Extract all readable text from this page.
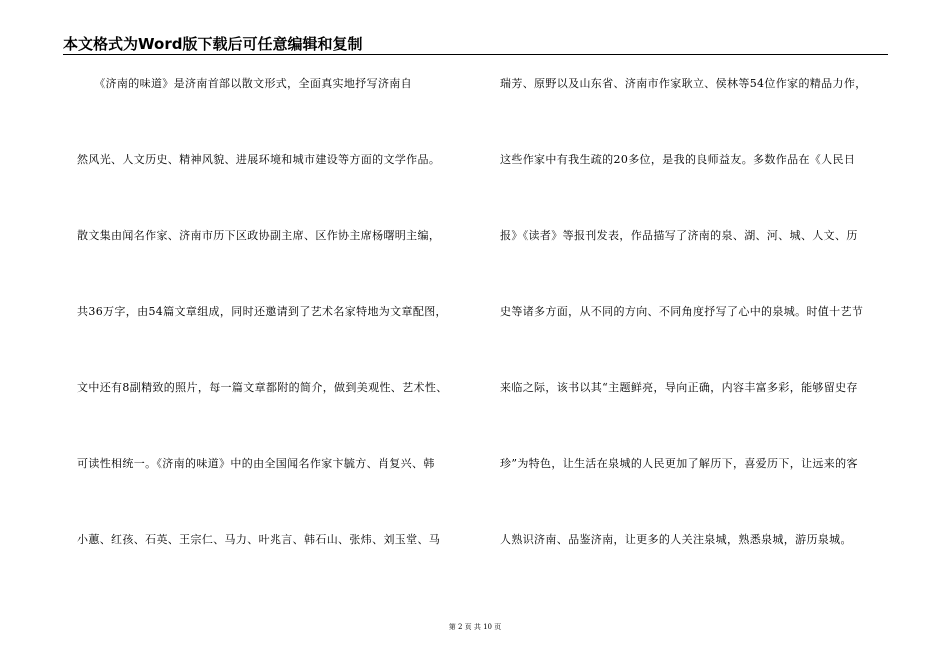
本文格式为Word版下载后可任意编辑和复制
　　《济南的味道》是济南首部以散文形式，全面真实地抒写济南自
然风光、人文历史、精神风貌、进展环境和城市建设等方面的文学作品。
散文集由闻名作家、济南市历下区政协副主席、区作协主席杨曙明主编，
共36万字，由54篇文章组成，同时还邀请到了艺术名家特地为文章配图，
文中还有8副精致的照片，每一篇文章都附的简介，做到美观性、艺术性、
可读性相统一。《济南的味道》中的由全国闻名作家卞毓方、肖复兴、韩
小蕙、红孩、石英、王宗仁、马力、叶兆言、韩石山、张炜、刘玉堂、马
瑞芳、原野以及山东省、济南市作家耿立、侯林等54位作家的精品力作，
这些作家中有我生疏的20多位，是我的良师益友。多数作品在《人民日
报》《读者》等报刊发表，作品描写了济南的泉、湖、河、城、人文、历
史等诸多方面，从不同的方向、不同角度抒写了心中的泉城。时值十艺节
来临之际，该书以其“主题鲜亮，导向正确，内容丰富多彩，能够留史存
珍”为特色，让生活在泉城的人民更加了解历下，喜爱历下，让远来的客
人熟识济南、品鉴济南，让更多的人关注泉城，熟悉泉城，游历泉城。
第 2 页 共 10 页
